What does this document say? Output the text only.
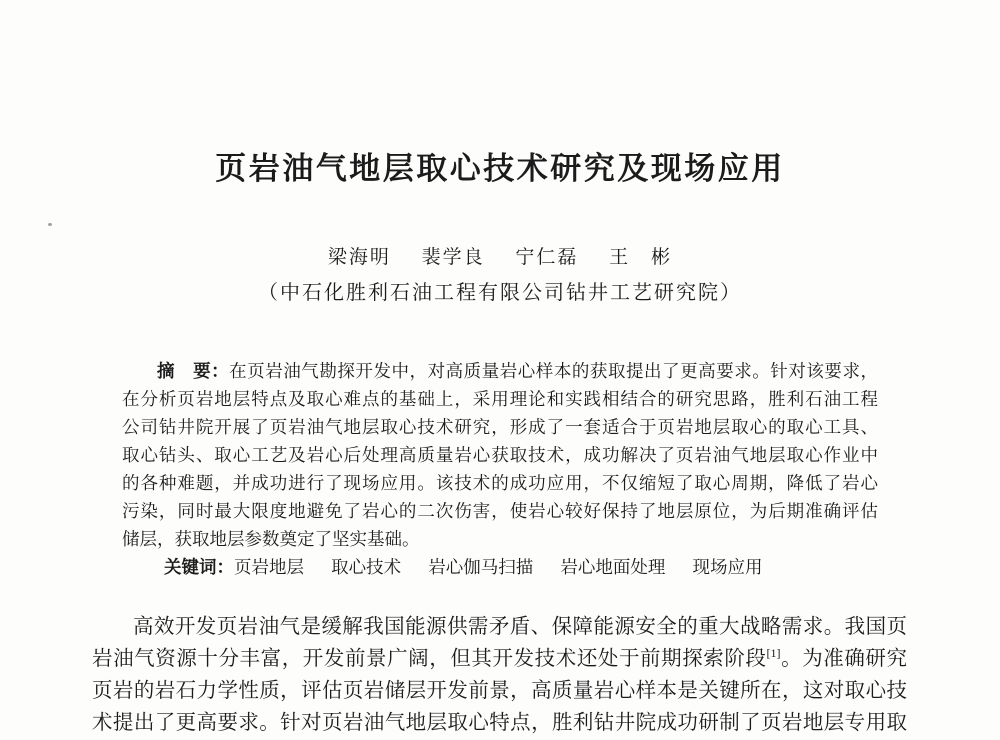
页岩油气地层取心技术研究及现场应用
梁海明 裴学良 宁仁磊 王　彬
（中石化胜利石油工程有限公司钻井工艺研究院）
摘　要：在页岩油气勘探开发中，对高质量岩心样本的获取提出了更高要求。针对该要求，
在分析页岩地层特点及取心难点的基础上，采用理论和实践相结合的研究思路，胜利石油工程
公司钻井院开展了页岩油气地层取心技术研究，形成了一套适合于页岩地层取心的取心工具、
取心钻头、取心工艺及岩心后处理高质量岩心获取技术，成功解决了页岩油气地层取心作业中
的各种难题，并成功进行了现场应用。该技术的成功应用，不仅缩短了取心周期，降低了岩心
污染，同时最大限度地避免了岩心的二次伤害，使岩心较好保持了地层原位，为后期准确评估
储层，获取地层参数奠定了坚实基础。
关键词：页岩地层 取心技术 岩心伽马扫描 岩心地面处理 现场应用
高效开发页岩油气是缓解我国能源供需矛盾、保障能源安全的重大战略需求。我国页
岩油气资源十分丰富，开发前景广阔，但其开发技术还处于前期探索阶段[1]。为准确研究
页岩的岩石力学性质，评估页岩储层开发前景，高质量岩心样本是关键所在，这对取心技
术提出了更高要求。针对页岩油气地层取心特点，胜利钻井院成功研制了页岩地层专用取
